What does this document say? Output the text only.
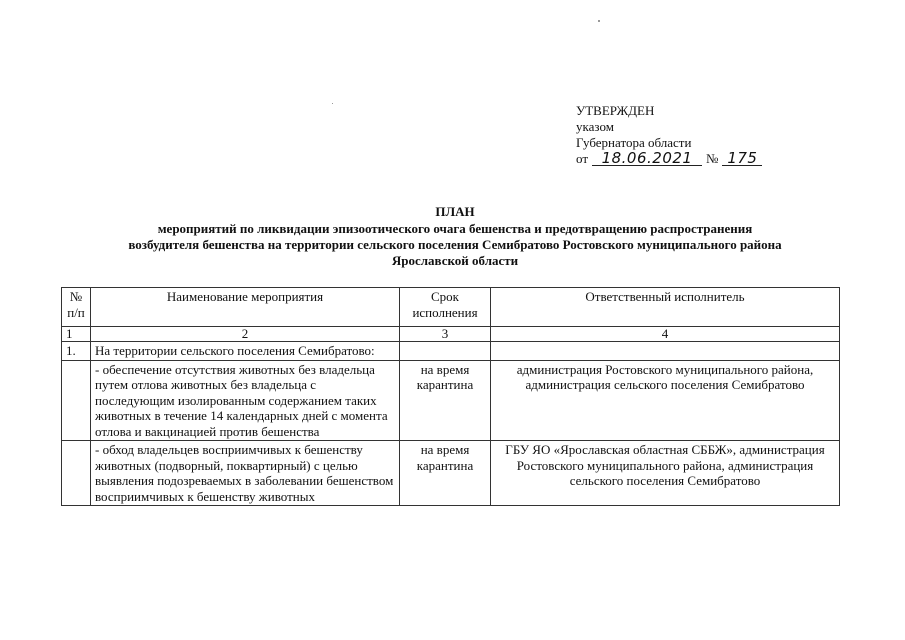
УТВЕРЖДЕН
указом
Губернатора области
от 18.06.2021 № 175
ПЛАН
мероприятий по ликвидации эпизоотического очага бешенства и предотвращению распространения
возбудителя бешенства на территории сельского поселения Семибратово Ростовского муниципального района
Ярославской области
№ п/п	Наименование мероприятия	Срок исполнения	Ответственный исполнитель
1	2	3	4
1.	На территории сельского поселения Семибратово:		
	- обеспечение отсутствия животных без владельца путем отлова животных без владельца с последующим изолированным содержанием таких животных в течение 14 календарных дней с момента отлова и вакцинацией против бешенства	на время карантина	администрация Ростовского муниципального района, администрация сельского поселения Семибратово
	- обход владельцев восприимчивых к бешенству животных (подворный, поквартирный) с целью выявления подозреваемых в заболевании бешенством восприимчивых к бешенству животных	на время карантина	ГБУ ЯО «Ярославская областная СББЖ», администрация Ростовского муниципального района, администрация сельского поселения Семибратово
